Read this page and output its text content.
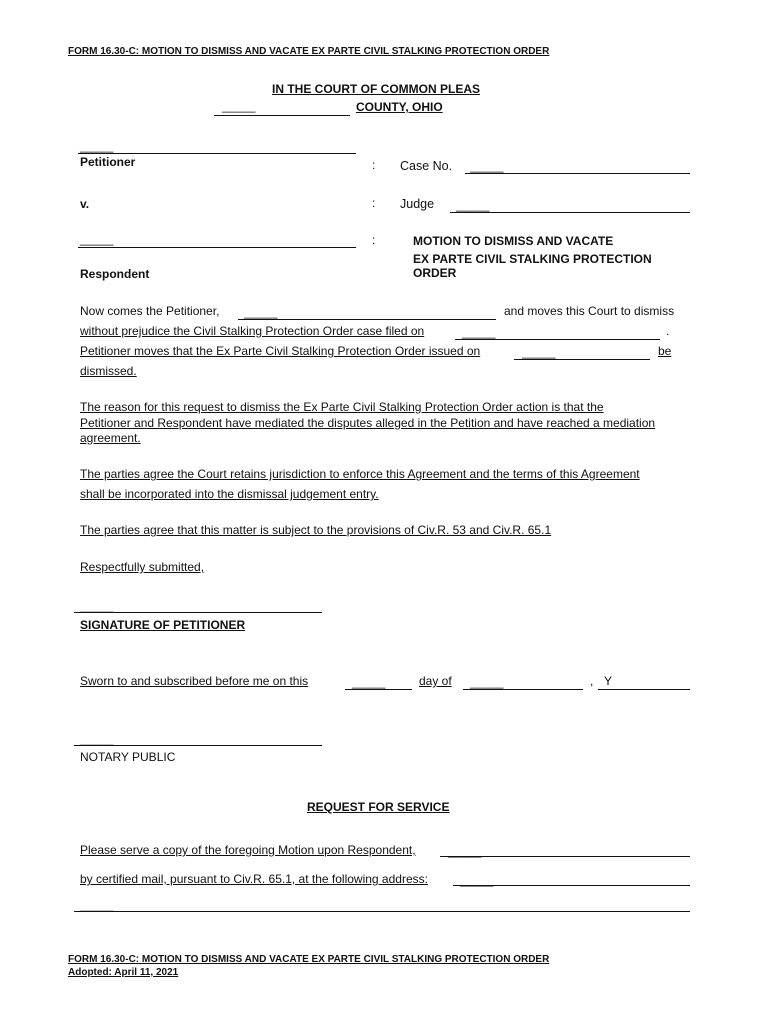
FORM 16.30-C: MOTION TO DISMISS AND VACATE EX PARTE CIVIL STALKING PROTECTION ORDER
IN THE COURT OF COMMON PLEAS
_____	COUNTY, OHIO
_____
Petitioner	: Case No. _____
v.	: Judge _____
_____	:
Respondent
MOTION TO DISMISS AND VACATE
EX PARTE CIVIL STALKING PROTECTION
ORDER
Now comes the Petitioner, _____	and moves this Court to dismiss
without prejudice the Civil Stalking Protection Order case filed on	_____	.
Petitioner moves that the Ex Parte Civil Stalking Protection Order issued on	_____	be
dismissed.
The reason for this request to dismiss the Ex Parte Civil Stalking Protection Order action is that the
Petitioner and Respondent have mediated the disputes alleged in the Petition and have reached a mediation
agreement.
The parties agree the Court retains jurisdiction to enforce this Agreement and the terms of this Agreement
shall be incorporated into the dismissal judgement entry.
The parties agree that this matter is subject to the provisions of Civ.R. 53 and Civ.R. 65.1
Respectfully submitted,
_____
SIGNATURE OF PETITIONER
Sworn to and subscribed before me on this	_____	day of _____	, Y
_____
NOTARY PUBLIC
REQUEST FOR SERVICE
Please serve a copy of the foregoing Motion upon Respondent,	_____
by certified mail, pursuant to Civ.R. 65.1, at the following address:	_____
_____
FORM 16.30-C: MOTION TO DISMISS AND VACATE EX PARTE CIVIL STALKING PROTECTION ORDER
Adopted: April 11, 2021
